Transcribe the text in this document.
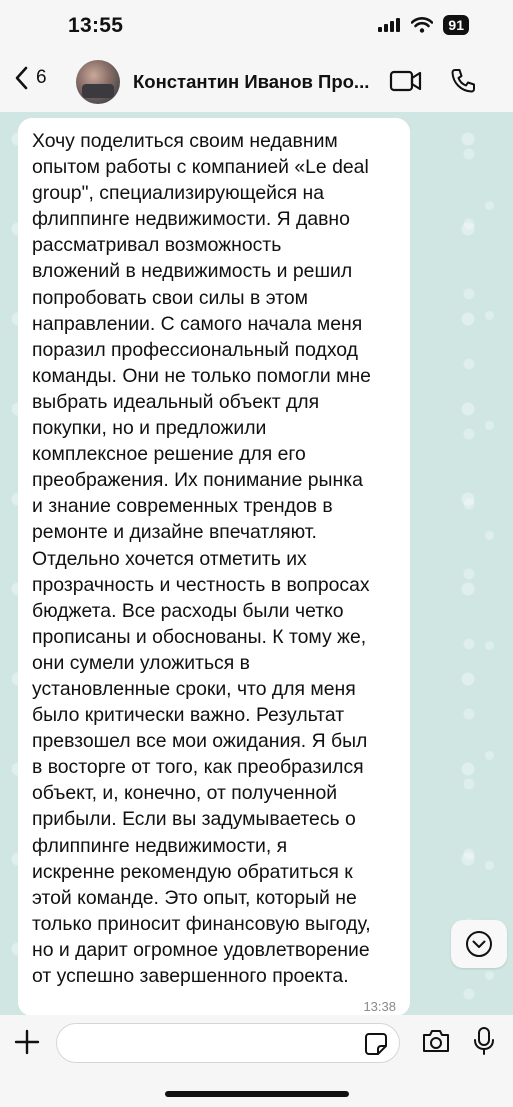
13:55	91
6	Константин Иванов Про...
Хочу поделиться своим недавним
опытом работы с компанией «Le deal
group", специализирующейся на
флиппинге недвижимости. Я давно
рассматривал возможность
вложений в недвижимость и решил
попробовать свои силы в этом
направлении. С самого начала меня
поразил профессиональный подход
команды. Они не только помогли мне
выбрать идеальный объект для
покупки, но и предложили
комплексное решение для его
преображения. Их понимание рынка
и знание современных трендов в
ремонте и дизайне впечатляют.
Отдельно хочется отметить их
прозрачность и честность в вопросах
бюджета. Все расходы были четко
прописаны и обоснованы. К тому же,
они сумели уложиться в
установленные сроки, что для меня
было критически важно. Результат
превзошел все мои ожидания. Я был
в восторге от того, как преобразился
объект, и, конечно, от полученной
прибыли. Если вы задумываетесь о
флиппинге недвижимости, я
искренне рекомендую обратиться к
этой команде. Это опыт, который не
только приносит финансовую выгоду,
но и дарит огромное удовлетворение
от успешно завершенного проекта.
13:38
